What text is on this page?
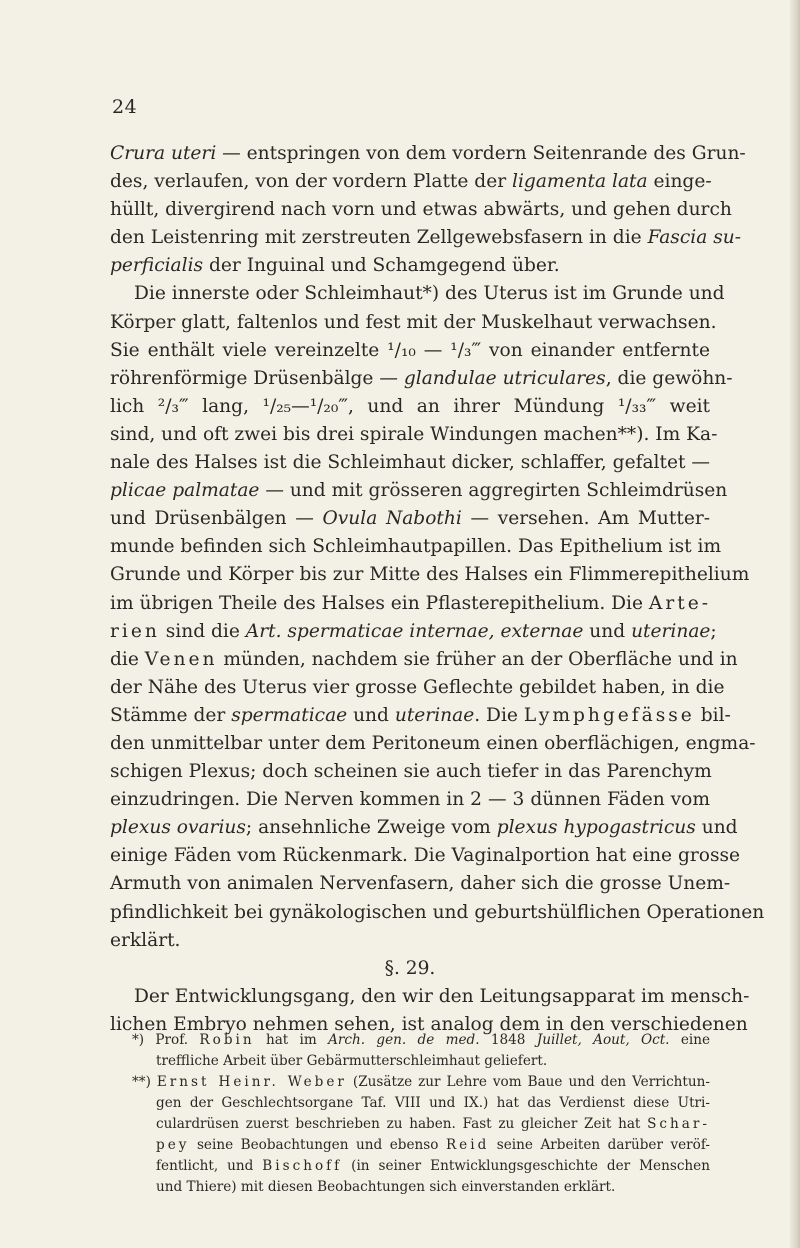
24
Crura uteri — entspringen von dem vordern Seitenrande des Grun-
des, verlaufen, von der vordern Platte der ligamenta lata einge-
hüllt, divergirend nach vorn und etwas abwärts, und gehen durch
den Leistenring mit zerstreuten Zellgewebsfasern in die Fascia su-
perficialis der Inguinal und Schamgegend über.
Die innerste oder Schleimhaut*) des Uterus ist im Grunde und
Körper glatt, faltenlos und fest mit der Muskelhaut verwachsen.
Sie enthält viele vereinzelte ¹/₁₀ — ¹/₃‴ von einander entfernte
röhrenförmige Drüsenbälge — glandulae utriculares, die gewöhn-
lich ²/₃‴ lang, ¹/₂₅—¹/₂₀‴, und an ihrer Mündung ¹/₃₃‴ weit
sind, und oft zwei bis drei spirale Windungen machen**). Im Ka-
nale des Halses ist die Schleimhaut dicker, schlaffer, gefaltet —
plicae palmatae — und mit grösseren aggregirten Schleimdrüsen
und Drüsenbälgen — Ovula Nabothi — versehen. Am Mutter-
munde befinden sich Schleimhautpapillen. Das Epithelium ist im
Grunde und Körper bis zur Mitte des Halses ein Flimmerepithelium
im übrigen Theile des Halses ein Pflasterepithelium. Die Arte-
rien sind die Art. spermaticae internae, externae und uterinae;
die Venen münden, nachdem sie früher an der Oberfläche und in
der Nähe des Uterus vier grosse Geflechte gebildet haben, in die
Stämme der spermaticae und uterinae. Die Lymphgefässe bil-
den unmittelbar unter dem Peritoneum einen oberflächigen, engma-
schigen Plexus; doch scheinen sie auch tiefer in das Parenchym
einzudringen. Die Nerven kommen in 2 — 3 dünnen Fäden vom
plexus ovarius; ansehnliche Zweige vom plexus hypogastricus und
einige Fäden vom Rückenmark. Die Vaginalportion hat eine grosse
Armuth von animalen Nervenfasern, daher sich die grosse Unem-
pfindlichkeit bei gynäkologischen und geburtshülflichen Operationen
erklärt.
§. 29.
Der Entwicklungsgang, den wir den Leitungsapparat im mensch-
lichen Embryo nehmen sehen, ist analog dem in den verschiedenen
*) Prof. Robin hat im Arch. gen. de med. 1848 Juillet, Aout, Oct. eine
treffliche Arbeit über Gebärmutterschleimhaut geliefert.
**) Ernst Heinr. Weber (Zusätze zur Lehre vom Baue und den Verrichtun-
gen der Geschlechtsorgane Taf. VIII und IX.) hat das Verdienst diese Utri-
culardrüsen zuerst beschrieben zu haben. Fast zu gleicher Zeit hat Schar-
pey seine Beobachtungen und ebenso Reid seine Arbeiten darüber veröf-
fentlicht, und Bischoff (in seiner Entwicklungsgeschichte der Menschen
und Thiere) mit diesen Beobachtungen sich einverstanden erklärt.
